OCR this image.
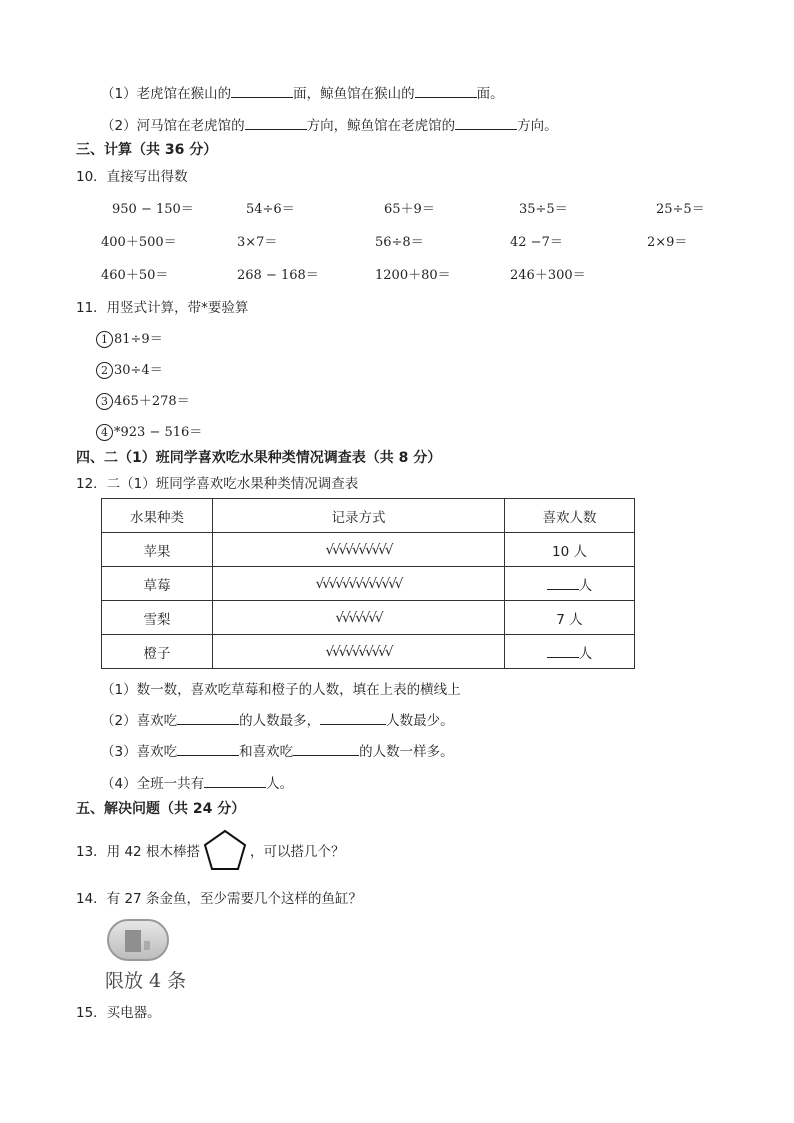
（1）老虎馆在猴山的	面，鲸鱼馆在猴山的	面。
（2）河马馆在老虎馆的	方向，鲸鱼馆在老虎馆的	方向。
三、计算（共 36 分）
10．直接写出得数
950 − 150＝	54÷6＝	65＋9＝	35÷5＝	25÷5＝
400＋500＝	3×7＝	56÷8＝	42 −7＝	2×9＝
460＋50＝	268 − 168＝	1200＋80＝	246＋300＝
11．用竖式计算，带*要验算
1 81÷9＝
2 30÷4＝
3 465＋278＝
4 *923 − 516＝
四、二（1）班同学喜欢吃水果种类情况调查表（共 8 分）
12．二（1）班同学喜欢吃水果种类情况调查表
水果种类	记录方式	喜欢人数
苹果	√√√√√√√√√√	10 人
草莓	√√√√√√√√√√√√√	人
雪梨	√√√√√√√	7 人
橙子	√√√√√√√√√√	人
（1）数一数，喜欢吃草莓和橙子的人数，填在上表的横线上
（2）喜欢吃	的人数最多，	人数最少。
（3）喜欢吃	和喜欢吃	的人数一样多。
（4）全班一共有	人。
五、解决问题（共 24 分）
13．用 42 根木棒搭	，可以搭几个？
14．有 27 条金鱼，至少需要几个这样的鱼缸？
限放 4 条
15．买电器。
